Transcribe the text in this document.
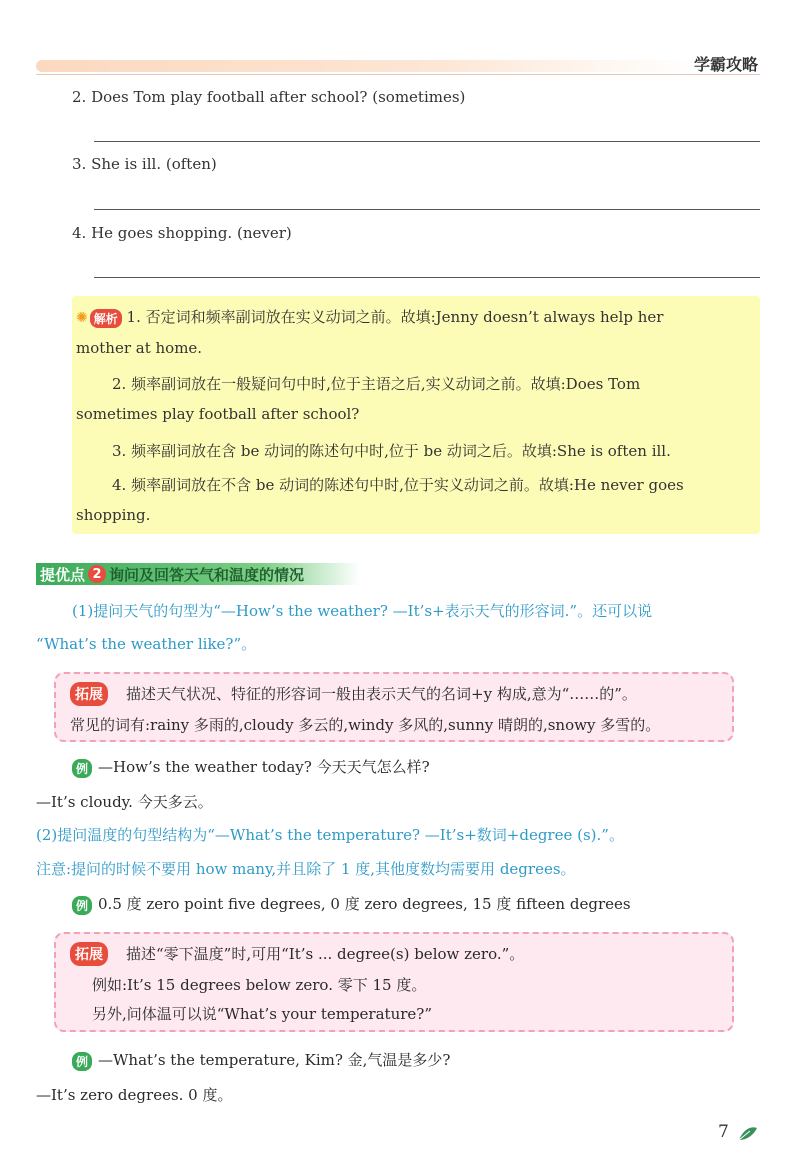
学霸攻略
2. Does Tom play football after school? (sometimes)
3. She is ill. (often)
4. He goes shopping. (never)
✺ 解析 1. 否定词和频率副词放在实义动词之前。故填:Jenny doesn’t always help her
mother at home.
2. 频率副词放在一般疑问句中时,位于主语之后,实义动词之前。故填:Does Tom
sometimes play football after school?
3. 频率副词放在含 be 动词的陈述句中时,位于 be 动词之后。故填:She is often ill.
4. 频率副词放在不含 be 动词的陈述句中时,位于实义动词之前。故填:He never goes
shopping.
提优点 2 询问及回答天气和温度的情况
(1)提问天气的句型为“—How’s the weather? —It’s+表示天气的形容词.”。还可以说
“What’s the weather like?”。
拓展	描述天气状况、特征的形容词一般由表示天气的名词+y 构成,意为“……的”。
常见的词有:rainy 多雨的,cloudy 多云的,windy 多风的,sunny 晴朗的,snowy 多雪的。
例 —How’s the weather today? 今天天气怎么样?
—It’s cloudy. 今天多云。
(2)提问温度的句型结构为“—What’s the temperature? —It’s+数词+degree (s).”。
注意:提问的时候不要用 how many,并且除了 1 度,其他度数均需要用 degrees。
例 0.5 度 zero point five degrees, 0 度 zero degrees, 15 度 fifteen degrees
拓展	描述“零下温度”时,可用“It’s ... degree(s) below zero.”。
例如:It’s 15 degrees below zero. 零下 15 度。
另外,问体温可以说“What’s your temperature?”
例 —What’s the temperature, Kim? 金,气温是多少?
—It’s zero degrees. 0 度。
7
